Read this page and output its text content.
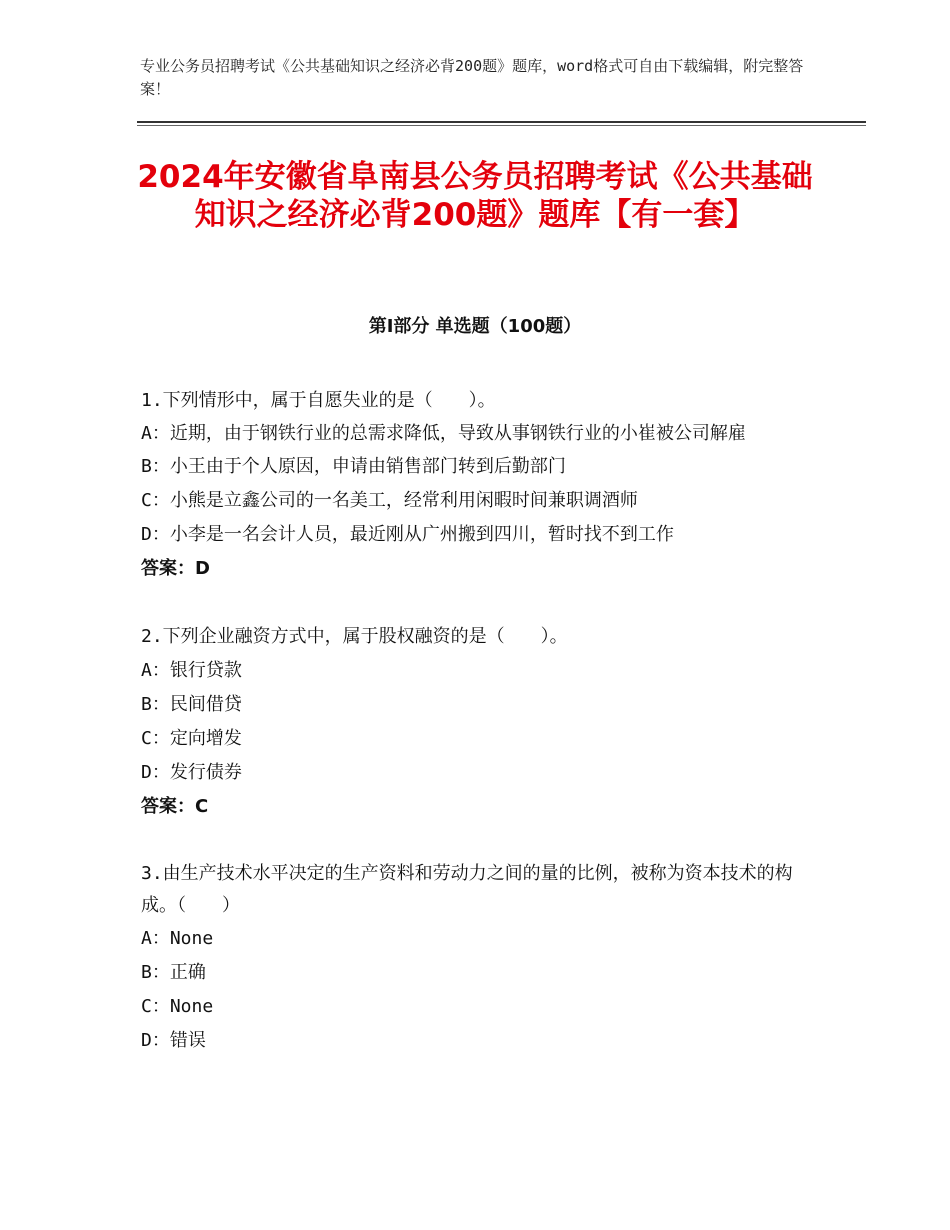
专业公务员招聘考试《公共基础知识之经济必背200题》题库，word格式可自由下载编辑，附完整答案！
2024年安徽省阜南县公务员招聘考试《公共基础知识之经济必背200题》题库【有一套】
第I部分 单选题（100题）
1.下列情形中，属于自愿失业的是（　　）。
A：近期，由于钢铁行业的总需求降低，导致从事钢铁行业的小崔被公司解雇
B：小王由于个人原因，申请由销售部门转到后勤部门
C：小熊是立鑫公司的一名美工，经常利用闲暇时间兼职调酒师
D：小李是一名会计人员，最近刚从广州搬到四川，暂时找不到工作
答案：D
2.下列企业融资方式中，属于股权融资的是（　　）。
A：银行贷款
B：民间借贷
C：定向增发
D：发行债券
答案：C
3.由生产技术水平决定的生产资料和劳动力之间的量的比例，被称为资本技术的构成。（　　）
A：None
B：正确
C：None
D：错误
